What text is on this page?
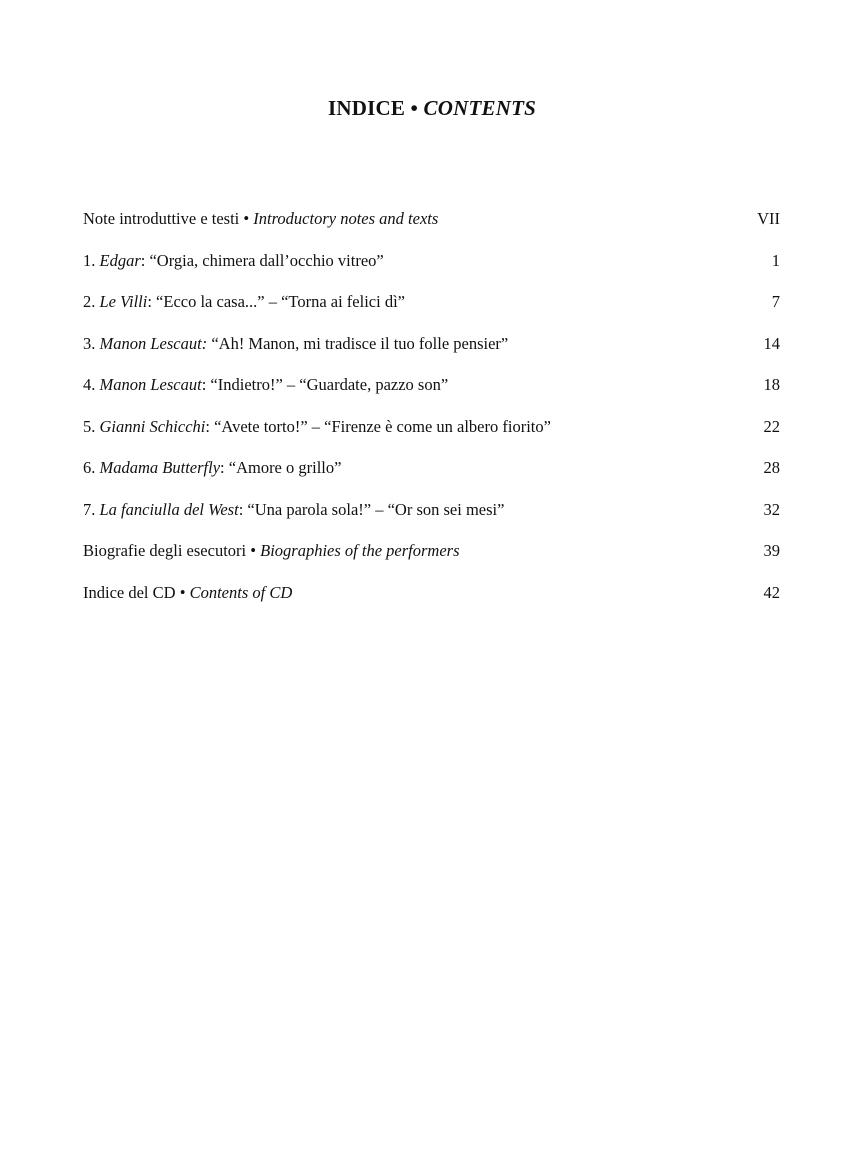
INDICE • CONTENTS
Note introduttive e testi • Introductory notes and texts	VII
1. Edgar: “Orgia, chimera dall’occhio vitreo”	1
2. Le Villi: “Ecco la casa...” – “Torna ai felici dì”	7
3. Manon Lescaut: “Ah! Manon, mi tradisce il tuo folle pensier”	14
4. Manon Lescaut: “Indietro!” – “Guardate, pazzo son”	18
5. Gianni Schicchi: “Avete torto!” – “Firenze è come un albero fiorito”	22
6. Madama Butterfly: “Amore o grillo”	28
7. La fanciulla del West: “Una parola sola!” – “Or son sei mesi”	32
Biografie degli esecutori • Biographies of the performers	39
Indice del CD • Contents of CD	42
